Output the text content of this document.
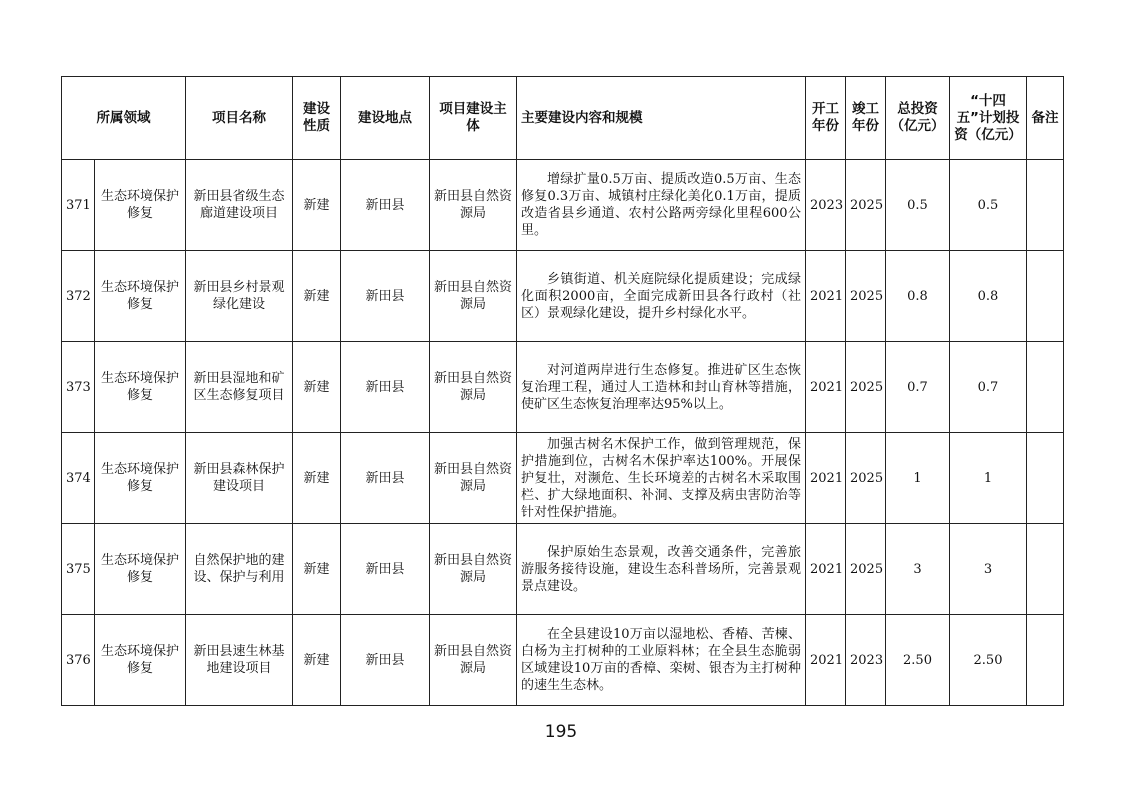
所属领域		项目名称	建设性质	建设地点	项目建设主体	主要建设内容和规模	开工年份	竣工年份	总投资（亿元）	“十四五”计划投资（亿元）	备注
371	生态环境保护修复	新田县省级生态廊道建设项目	新建	新田县	新田县自然资源局	增绿扩量0.5万亩、提质改造0.5万亩、生态修复0.3万亩、城镇村庄绿化美化0.1万亩，提质改造省县乡通道、农村公路两旁绿化里程600公里。	2023	2025	0.5	0.5	
372	生态环境保护修复	新田县乡村景观绿化建设	新建	新田县	新田县自然资源局	乡镇街道、机关庭院绿化提质建设；完成绿化面积2000亩，全面完成新田县各行政村（社区）景观绿化建设，提升乡村绿化水平。	2021	2025	0.8	0.8	
373	生态环境保护修复	新田县湿地和矿区生态修复项目	新建	新田县	新田县自然资源局	对河道两岸进行生态修复。推进矿区生态恢复治理工程，通过人工造林和封山育林等措施，使矿区生态恢复治理率达95%以上。	2021	2025	0.7	0.7	
374	生态环境保护修复	新田县森林保护建设项目	新建	新田县	新田县自然资源局	加强古树名木保护工作，做到管理规范，保护措施到位，古树名木保护率达100%。开展保护复壮，对濒危、生长环境差的古树名木采取围栏、扩大绿地面积、补洞、支撑及病虫害防治等针对性保护措施。	2021	2025	1	1	
375	生态环境保护修复	自然保护地的建设、保护与利用	新建	新田县	新田县自然资源局	保护原始生态景观，改善交通条件，完善旅游服务接待设施，建设生态科普场所，完善景观景点建设。	2021	2025	3	3	
376	生态环境保护修复	新田县速生林基地建设项目	新建	新田县	新田县自然资源局	在全县建设10万亩以湿地松、香椿、苦楝、白杨为主打树种的工业原料林；在全县生态脆弱区域建设10万亩的香樟、栾树、银杏为主打树种的速生生态林。	2021	2023	2.50	2.50	
195
